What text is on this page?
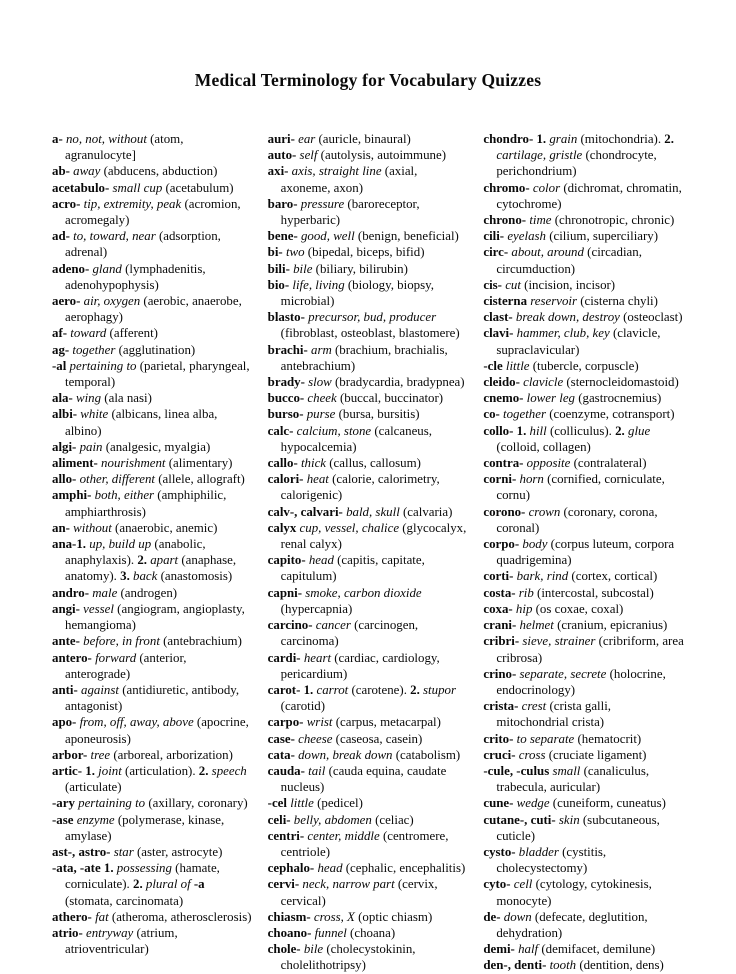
Medical Terminology for Vocabulary Quizzes
a- no, not, without (atom, agranulocyte]
ab- away (abducens, abduction)
acetabulo- small cup (acetabulum)
acro- tip, extremity, peak (acromion, acromegaly)
ad- to, toward, near (adsorption, adrenal)
adeno- gland (lymphadenitis, adenohypophysis)
aero- air, oxygen (aerobic, anaerobe, aerophagy)
af- toward (afferent)
ag- together (agglutination)
-al pertaining to (parietal, pharyngeal, temporal)
ala- wing (ala nasi)
albi- white (albicans, linea alba, albino)
algi- pain (analgesic, myalgia)
aliment- nourishment (alimentary)
allo- other, different (allele, allograft)
amphi- both, either (amphiphilic, amphiarthrosis)
an- without (anaerobic, anemic)
ana-1. up, build up (anabolic, anaphylaxis). 2. apart (anaphase, anatomy). 3. back (anastomosis)
andro- male (androgen)
angi- vessel (angiogram, angioplasty, hemangioma)
ante- before, in front (antebrachium)
antero- forward (anterior, anterograde)
anti- against (antidiuretic, antibody, antagonist)
apo- from, off, away, above (apocrine, aponeurosis)
arbor- tree (arboreal, arborization)
artic- 1. joint (articulation). 2. speech (articulate)
-ary pertaining to (axillary, coronary)
-ase enzyme (polymerase, kinase, amylase)
ast-, astro- star (aster, astrocyte)
-ata, -ate 1. possessing (hamate, corniculate). 2. plural of -a (stomata, carcinomata)
athero- fat (atheroma, atherosclerosis)
atrio- entryway (atrium, atrioventricular)
auri- ear (auricle, binaural)
auto- self (autolysis, autoimmune)
axi- axis, straight line (axial, axoneme, axon)
baro- pressure (baroreceptor, hyperbaric)
bene- good, well (benign, beneficial)
bi- two (bipedal, biceps, bifid)
bili- bile (biliary, bilirubin)
bio- life, living (biology, biopsy, microbial)
blasto- precursor, bud, producer (fibroblast, osteoblast, blastomere)
brachi- arm (brachium, brachialis, antebrachium)
brady- slow (bradycardia, bradypnea)
bucco- cheek (buccal, buccinator)
burso- purse (bursa, bursitis)
calc- calcium, stone (calcaneus, hypocalcemia)
callo- thick (callus, callosum)
calori- heat (calorie, calorimetry, calorigenic)
calv-, calvari- bald, skull (calvaria)
calyx cup, vessel, chalice (glycocalyx, renal calyx)
capito- head (capitis, capitate, capitulum)
capni- smoke, carbon dioxide (hypercapnia)
carcino- cancer (carcinogen, carcinoma)
cardi- heart (cardiac, cardiology, pericardium)
carot- 1. carrot (carotene). 2. stupor (carotid)
carpo- wrist (carpus, metacarpal)
case- cheese (caseosa, casein)
cata- down, break down (catabolism)
cauda- tail (cauda equina, caudate nucleus)
-cel little (pedicel)
celi- belly, abdomen (celiac)
centri- center, middle (centromere, centriole)
cephalo- head (cephalic, encephalitis)
cervi- neck, narrow part (cervix, cervical)
chiasm- cross, X (optic chiasm)
choano- funnel (choana)
chole- bile (cholecystokinin, cholelithotripsy)
chondro- 1. grain (mitochondria). 2. cartilage, gristle (chondrocyte, perichondrium)
chromo- color (dichromat, chromatin, cytochrome)
chrono- time (chronotropic, chronic)
cili- eyelash (cilium, superciliary)
circ- about, around (circadian, circumduction)
cis- cut (incision, incisor)
cisterna reservoir (cisterna chyli)
clast- break down, destroy (osteoclast)
clavi- hammer, club, key (clavicle, supraclavicular)
-cle little (tubercle, corpuscle)
cleido- clavicle (sternocleidomastoid)
cnemo- lower leg (gastrocnemius)
co- together (coenzyme, cotransport)
collo- 1. hill (colliculus). 2. glue (colloid, collagen)
contra- opposite (contralateral)
corni- horn (cornified, corniculate, cornu)
corono- crown (coronary, corona, coronal)
corpo- body (corpus luteum, corpora quadrigemina)
corti- bark, rind (cortex, cortical)
costa- rib (intercostal, subcostal)
coxa- hip (os coxae, coxal)
crani- helmet (cranium, epicranius)
cribri- sieve, strainer (cribriform, area cribrosa)
crino- separate, secrete (holocrine, endocrinology)
crista- crest (crista galli, mitochondrial crista)
crito- to separate (hematocrit)
cruci- cross (cruciate ligament)
-cule, -culus small (canaliculus, trabecula, auricular)
cune- wedge (cuneiform, cuneatus)
cutane-, cuti- skin (subcutaneous, cuticle)
cysto- bladder (cystitis, cholecystectomy)
cyto- cell (cytology, cytokinesis, monocyte)
de- down (defecate, deglutition, dehydration)
demi- half (demifacet, demilune)
den-, denti- tooth (dentition, dens)
